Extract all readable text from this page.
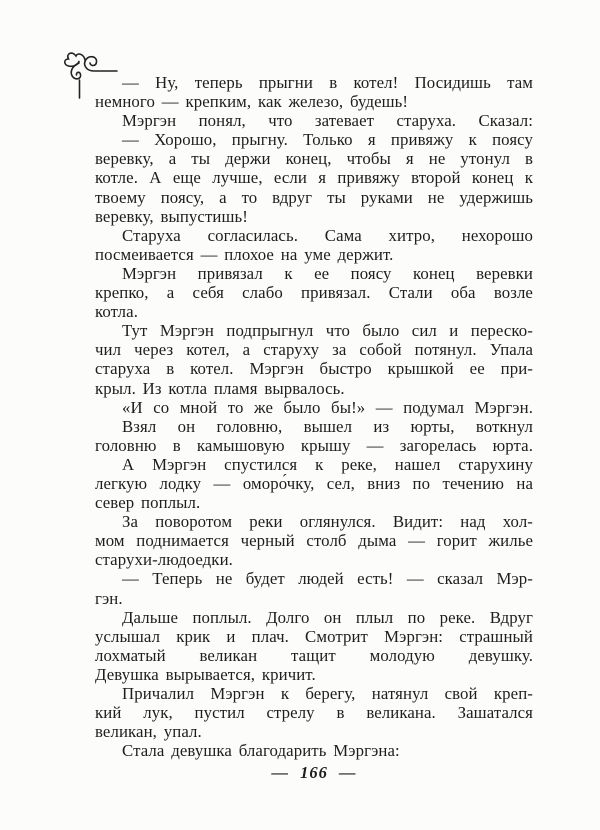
— Ну, теперь прыгни в котел! Посидишь там
немного — крепким, как железо, будешь!
Мэргэн понял, что затевает старуха. Сказал:
— Хорошо, прыгну. Только я привяжу к поясу
веревку, а ты держи конец, чтобы я не утонул в
котле. А еще лучше, если я привяжу второй конец к
твоему поясу, а то вдруг ты руками не удержишь
веревку, выпустишь!
Старуха согласилась. Сама хитро, нехорошо
посмеивается — плохое на уме держит.
Мэргэн привязал к ее поясу конец веревки
крепко, а себя слабо привязал. Стали оба возле
котла.
Тут Мэргэн подпрыгнул что было сил и переско-
чил через котел, а старуху за собой потянул. Упала
старуха в котел. Мэргэн быстро крышкой ее при-
крыл. Из котла пламя вырвалось.
«И со мной то же было бы!» — подумал Мэргэн.
Взял он головню, вышел из юрты, воткнул
головню в камышовую крышу — загорелась юрта.
А Мэргэн спустился к реке, нашел старухину
легкую лодку — оморо́чку, сел, вниз по течению на
север поплыл.
За поворотом реки оглянулся. Видит: над хол-
мом поднимается черный столб дыма — горит жилье
старухи-людоедки.
— Теперь не будет людей есть! — сказал Мэр-
гэн.
Дальше поплыл. Долго он плыл по реке. Вдруг
услышал крик и плач. Смотрит Мэргэн: страшный
лохматый великан тащит молодую девушку.
Девушка вырывается, кричит.
Причалил Мэргэн к берегу, натянул свой креп-
кий лук, пустил стрелу в великана. Зашатался
великан, упал.
Стала девушка благодарить Мэргэна:
— 166 —
